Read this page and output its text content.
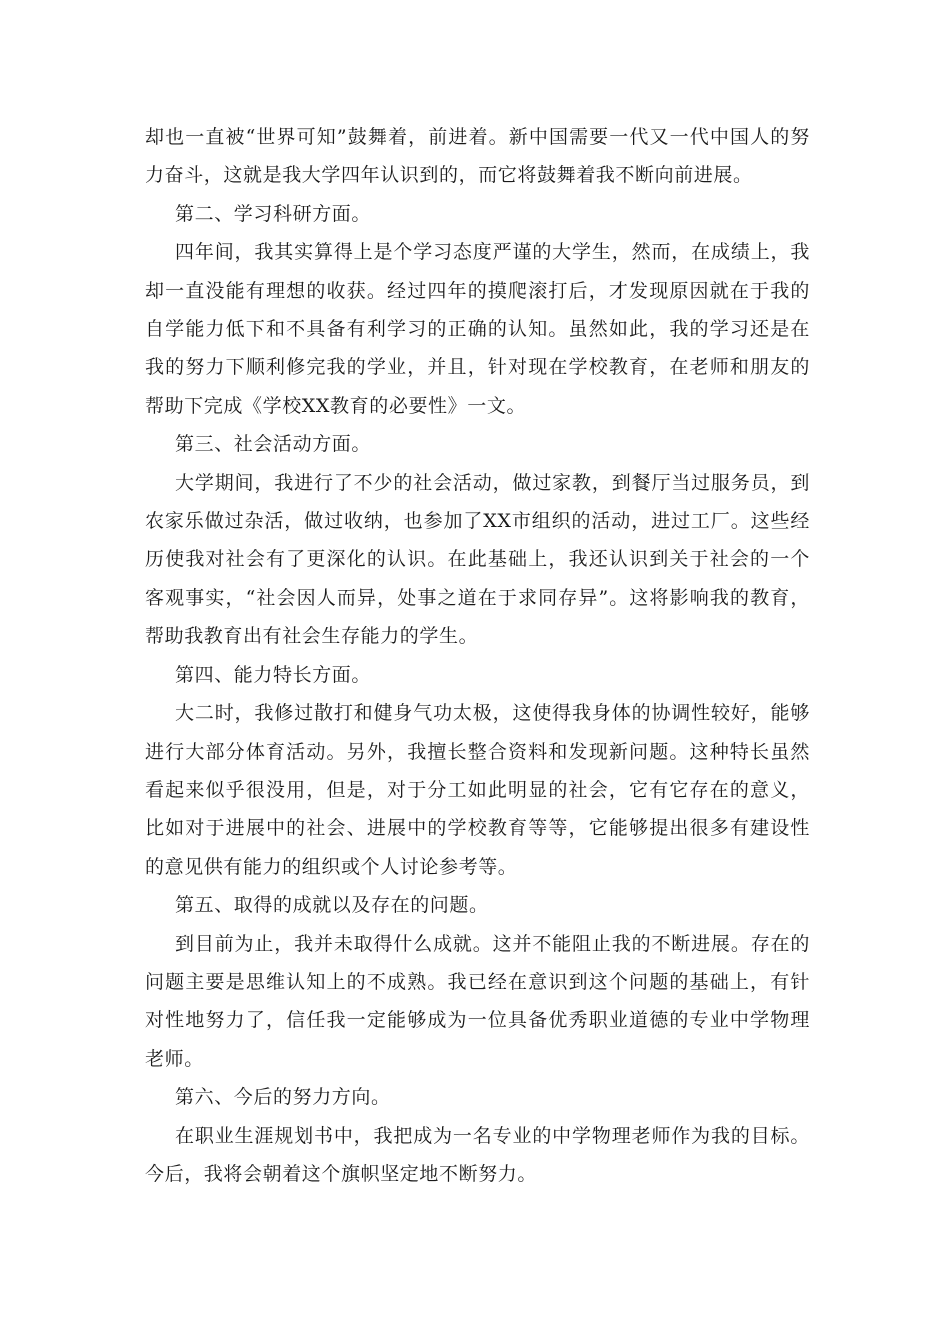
却也一直被“世界可知”鼓舞着，前进着。新中国需要一代又一代中国人的努力奋斗，这就是我大学四年认识到的，而它将鼓舞着我不断向前进展。

第二、学习科研方面。

四年间，我其实算得上是个学习态度严谨的大学生，然而，在成绩上，我却一直没能有理想的收获。经过四年的摸爬滚打后，才发现原因就在于我的自学能力低下和不具备有利学习的正确的认知。虽然如此，我的学习还是在我的努力下顺利修完我的学业，并且，针对现在学校教育，在老师和朋友的帮助下完成《学校XX教育的必要性》一文。

第三、社会活动方面。

大学期间，我进行了不少的社会活动，做过家教，到餐厅当过服务员，到农家乐做过杂活，做过收纳，也参加了XX市组织的活动，进过工厂。这些经历使我对社会有了更深化的认识。在此基础上，我还认识到关于社会的一个客观事实，“社会因人而异，处事之道在于求同存异”。这将影响我的教育，帮助我教育出有社会生存能力的学生。

第四、能力特长方面。

大二时，我修过散打和健身气功太极，这使得我身体的协调性较好，能够进行大部分体育活动。另外，我擅长整合资料和发现新问题。这种特长虽然看起来似乎很没用，但是，对于分工如此明显的社会，它有它存在的意义，比如对于进展中的社会、进展中的学校教育等等，它能够提出很多有建设性的意见供有能力的组织或个人讨论参考等。

第五、取得的成就以及存在的问题。

到目前为止，我并未取得什么成就。这并不能阻止我的不断进展。存在的问题主要是思维认知上的不成熟。我已经在意识到这个问题的基础上，有针对性地努力了，信任我一定能够成为一位具备优秀职业道德的专业中学物理老师。

第六、今后的努力方向。

在职业生涯规划书中，我把成为一名专业的中学物理老师作为我的目标。今后，我将会朝着这个旗帜坚定地不断努力。
